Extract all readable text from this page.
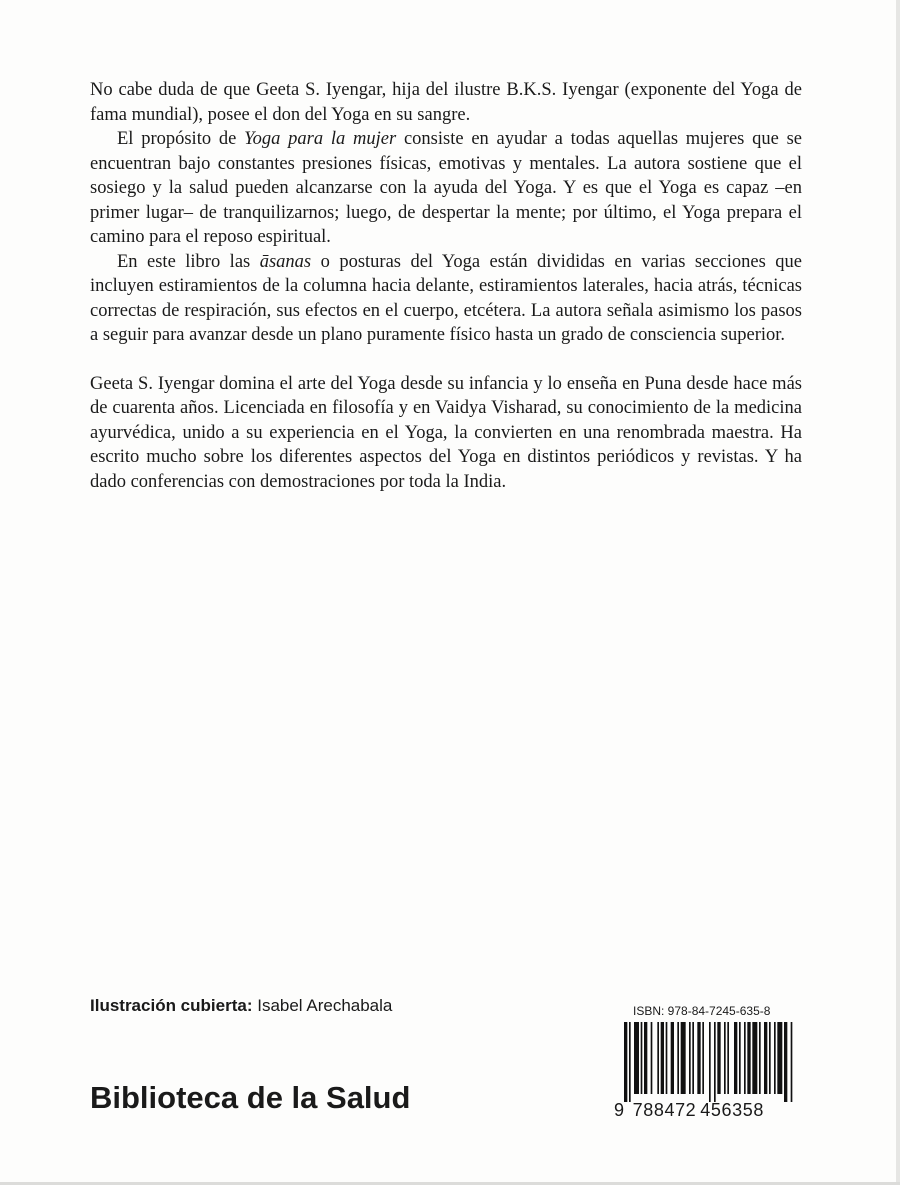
No cabe duda de que Geeta S. Iyengar, hija del ilustre B.K.S. Iyengar (exponente del Yoga de fama mundial), posee el don del Yoga en su sangre.

El propósito de Yoga para la mujer consiste en ayudar a todas aquellas mujeres que se encuentran bajo constantes presiones físicas, emotivas y mentales. La autora sostiene que el sosiego y la salud pueden alcanzarse con la ayuda del Yoga. Y es que el Yoga es capaz –en primer lugar– de tranquilizarnos; luego, de despertar la mente; por último, el Yoga prepara el camino para el reposo espiritual.

En este libro las āsanas o posturas del Yoga están divididas en varias secciones que incluyen estiramientos de la columna hacia delante, estiramientos laterales, hacia atrás, técnicas correctas de respiración, sus efectos en el cuerpo, etcétera. La autora señala asimismo los pasos a seguir para avanzar desde un plano puramente físico hasta un grado de consciencia superior.

Geeta S. Iyengar domina el arte del Yoga desde su infancia y lo enseña en Puna desde hace más de cuarenta años. Licenciada en filosofía y en Vaidya Visharad, su conocimiento de la medicina ayurvédica, unido a su experiencia en el Yoga, la convierten en una renombrada maestra. Ha escrito mucho sobre los diferentes aspectos del Yoga en distintos periódicos y revistas. Y ha dado conferencias con demostraciones por toda la India.

Ilustración cubierta: Isabel Arechabala
Biblioteca de la Salud
ISBN: 978-84-7245-635-8
9 788472 456358
